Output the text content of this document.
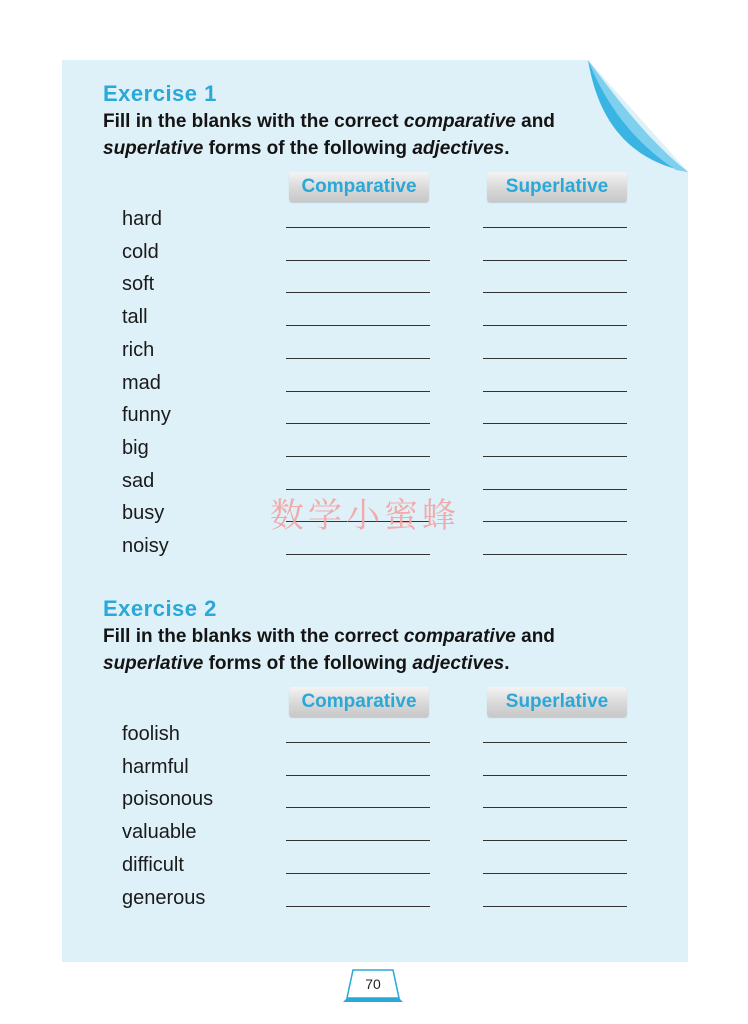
Exercise 1
Fill in the blanks with the correct comparative and
superlative forms of the following adjectives.
Comparative	Superlative
hard
cold
soft
tall
rich
mad
funny
big
sad
busy
noisy
Exercise 2
Fill in the blanks with the correct comparative and
superlative forms of the following adjectives.
Comparative	Superlative
foolish
harmful
poisonous
valuable
difficult
generous
数学小蜜蜂
70
